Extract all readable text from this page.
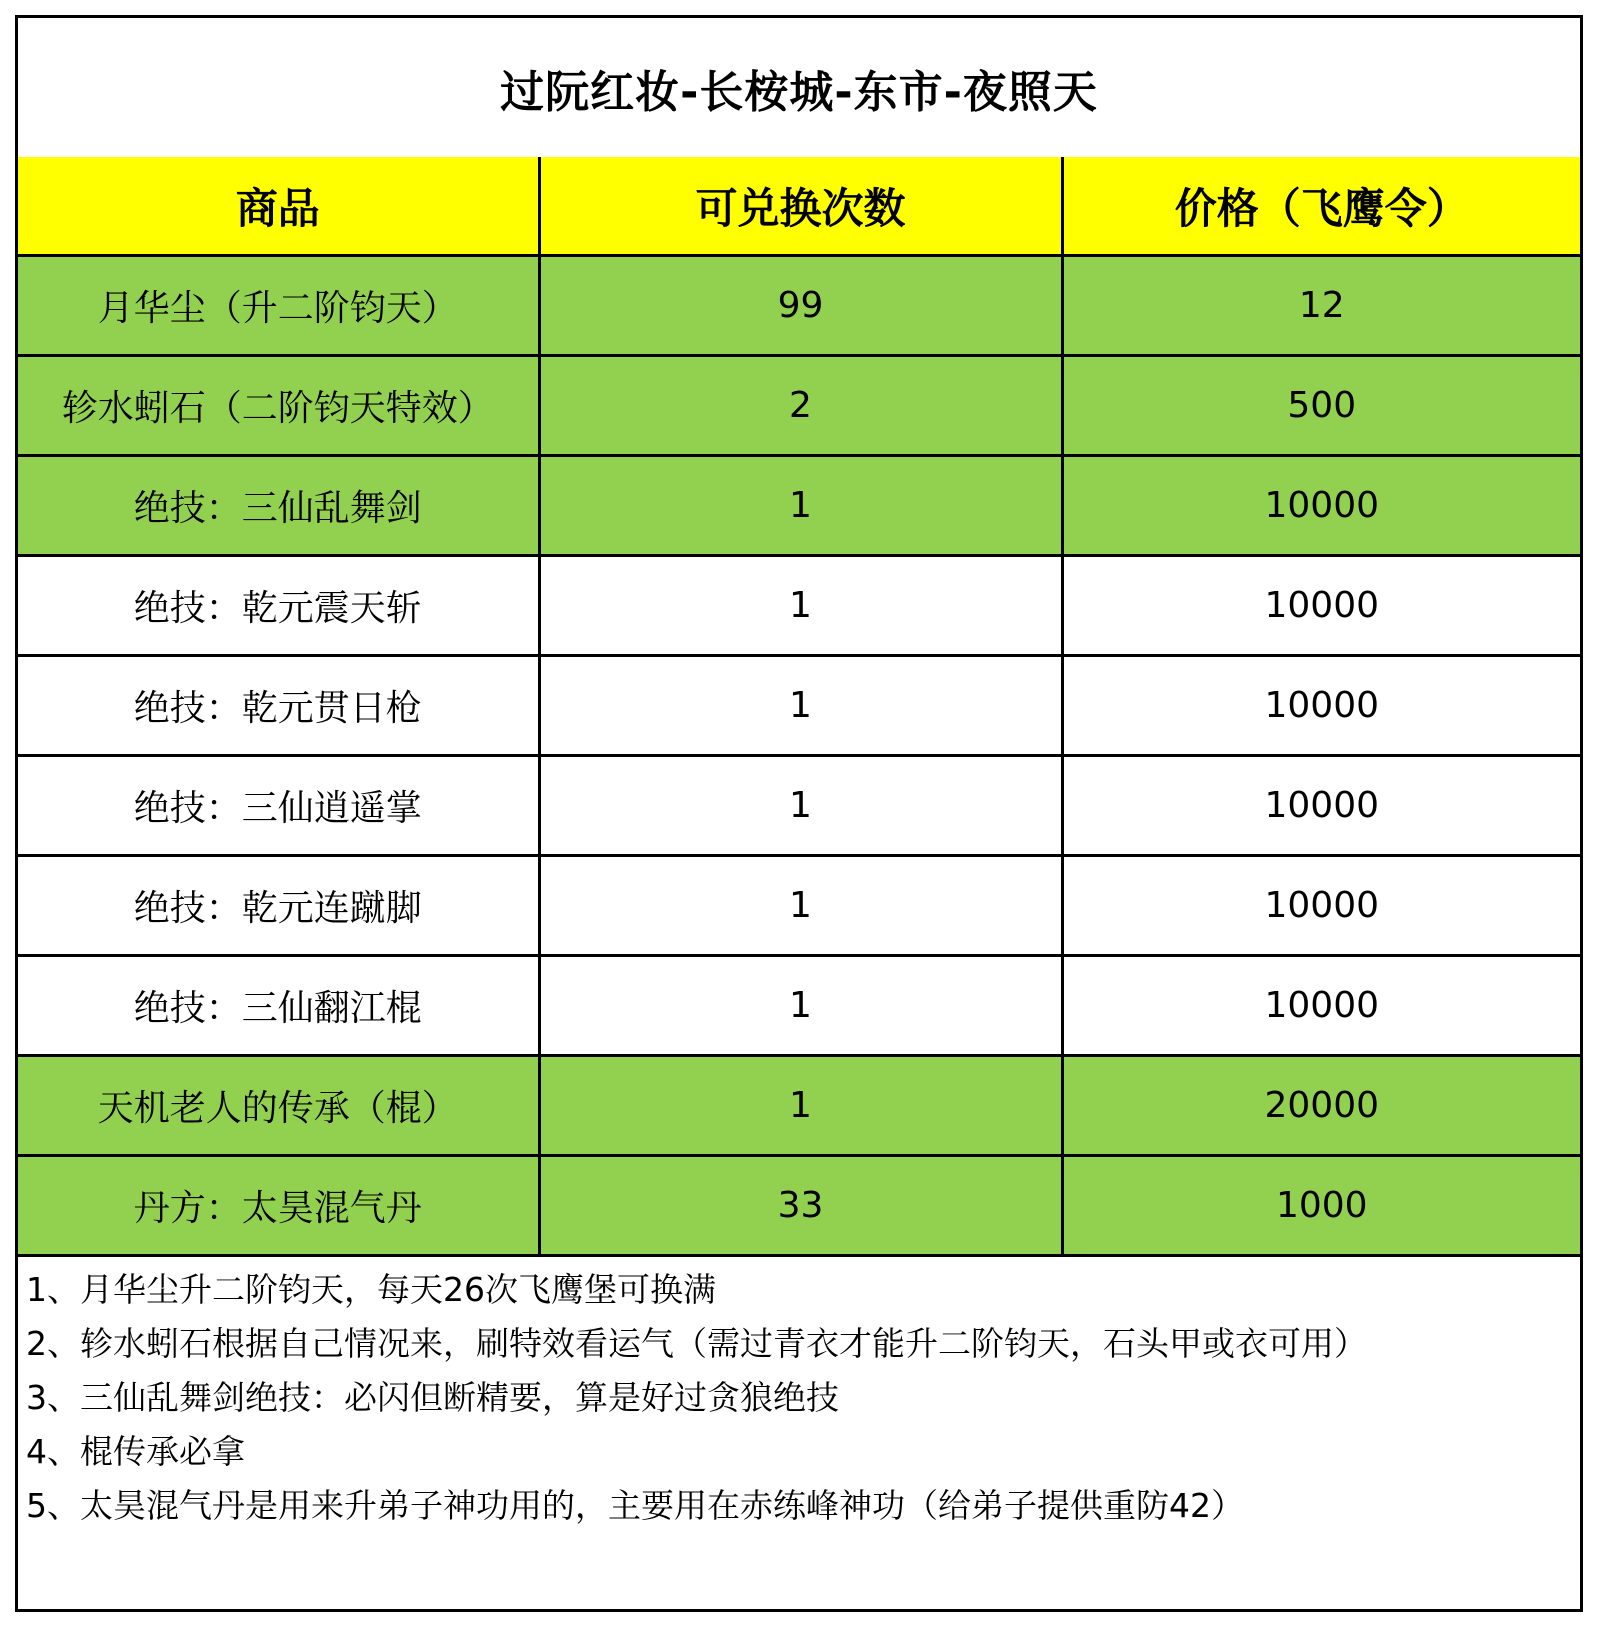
过阮红妆-长桉城-东市-夜照天
商品	可兑换次数	价格（飞鹰令）
月华尘（升二阶钧天）	99	12
轸水蚓石（二阶钧天特效）	2	500
绝技：三仙乱舞剑	1	10000
绝技：乾元震天斩	1	10000
绝技：乾元贯日枪	1	10000
绝技：三仙逍遥掌	1	10000
绝技：乾元连蹴脚	1	10000
绝技：三仙翻江棍	1	10000
天机老人的传承（棍）	1	20000
丹方：太昊混气丹	33	1000
1、月华尘升二阶钧天，每天26次飞鹰堡可换满
2、轸水蚓石根据自己情况来，刷特效看运气（需过青衣才能升二阶钧天，石头甲或衣可用）
3、三仙乱舞剑绝技：必闪但断精要，算是好过贪狼绝技
4、棍传承必拿
5、太昊混气丹是用来升弟子神功用的，主要用在赤练峰神功（给弟子提供重防42）
